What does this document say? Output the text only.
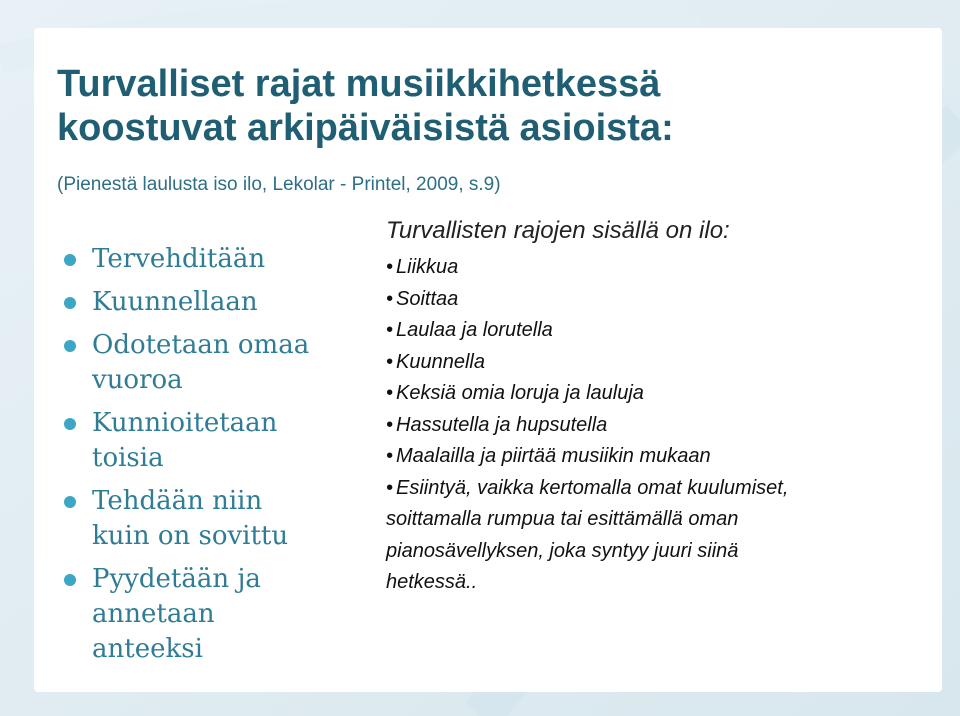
Turvalliset rajat musiikkihetkessä
koostuvat arkipäiväisistä asioista:

(Pienestä laulusta iso ilo, Lekolar - Printel, 2009, s.9)

Tervehditään
Kuunnellaan
Odotetaan omaa
vuoroa
Kunnioitetaan
toisia
Tehdään niin
kuin on sovittu
Pyydetään ja
annetaan
anteeksi

Turvallisten rajojen sisällä on ilo:

• Liikkua
• Soittaa
• Laulaa ja lorutella
• Kuunnella
• Keksiä omia loruja ja lauluja
• Hassutella ja hupsutella
• Maalailla ja piirtää musiikin mukaan
• Esiintyä, vaikka kertomalla omat kuulumiset,
soittamalla rumpua tai esittämällä oman
pianosävellyksen, joka syntyy juuri siinä
hetkessä..
